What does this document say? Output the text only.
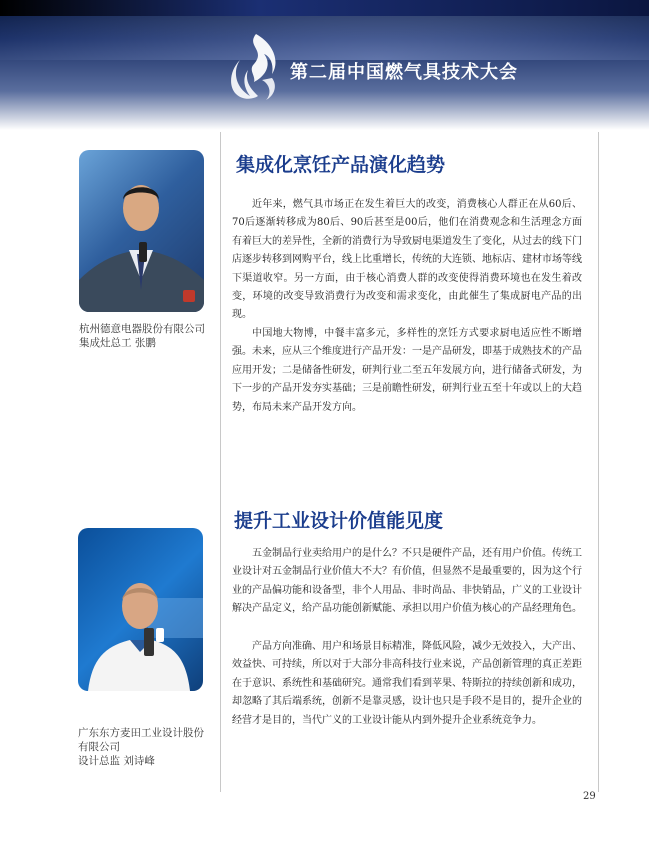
第二届中国燃气具技术大会
杭州德意电器股份有限公司
集成灶总工 张鹏
集成化烹饪产品演化趋势

近年来，燃气具市场正在发生着巨大的改变，消费核心人群正在从60后、70后逐渐转移成为80后、90后甚至是00后，他们在消费观念和生活理念方面有着巨大的差异性，全新的消费行为导致厨电渠道发生了变化，从过去的线下门店逐步转移到网购平台，线上比重增长，传统的大连锁、地标店、建材市场等线下渠道收窄。另一方面，由于核心消费人群的改变使得消费环境也在发生着改变，环境的改变导致消费行为改变和需求变化，由此催生了集成厨电产品的出现。

中国地大物博，中餐丰富多元，多样性的烹饪方式要求厨电适应性不断增强。未来，应从三个维度进行产品开发：一是产品研发，即基于成熟技术的产品应用开发；二是储备性研发，研判行业二至五年发展方向，进行储备式研发，为下一步的产品开发夯实基础；三是前瞻性研发，研判行业五至十年或以上的大趋势，布局未来产品开发方向。

广东东方麦田工业设计股份
有限公司
设计总监 刘诗峰
提升工业设计价值能见度

五金制品行业卖给用户的是什么？不只是硬件产品，还有用户价值。传统工业设计对五金制品行业价值大不大？有价值，但显然不是最重要的，因为这个行业的产品偏功能和设备型，非个人用品、非时尚品、非快销品，广义的工业设计解决产品定义，给产品功能创新赋能、承担以用户价值为核心的产品经理角色。

产品方向准确、用户和场景目标精准，降低风险，减少无效投入，大产出、效益快、可持续，所以对于大部分非高科技行业来说，产品创新管理的真正差距在于意识、系统性和基础研究。通常我们看到苹果、特斯拉的持续创新和成功，却忽略了其后端系统，创新不是靠灵感，设计也只是手段不是目的，提升企业的经营才是目的，当代广义的工业设计能从内到外提升企业系统竞争力。

29
